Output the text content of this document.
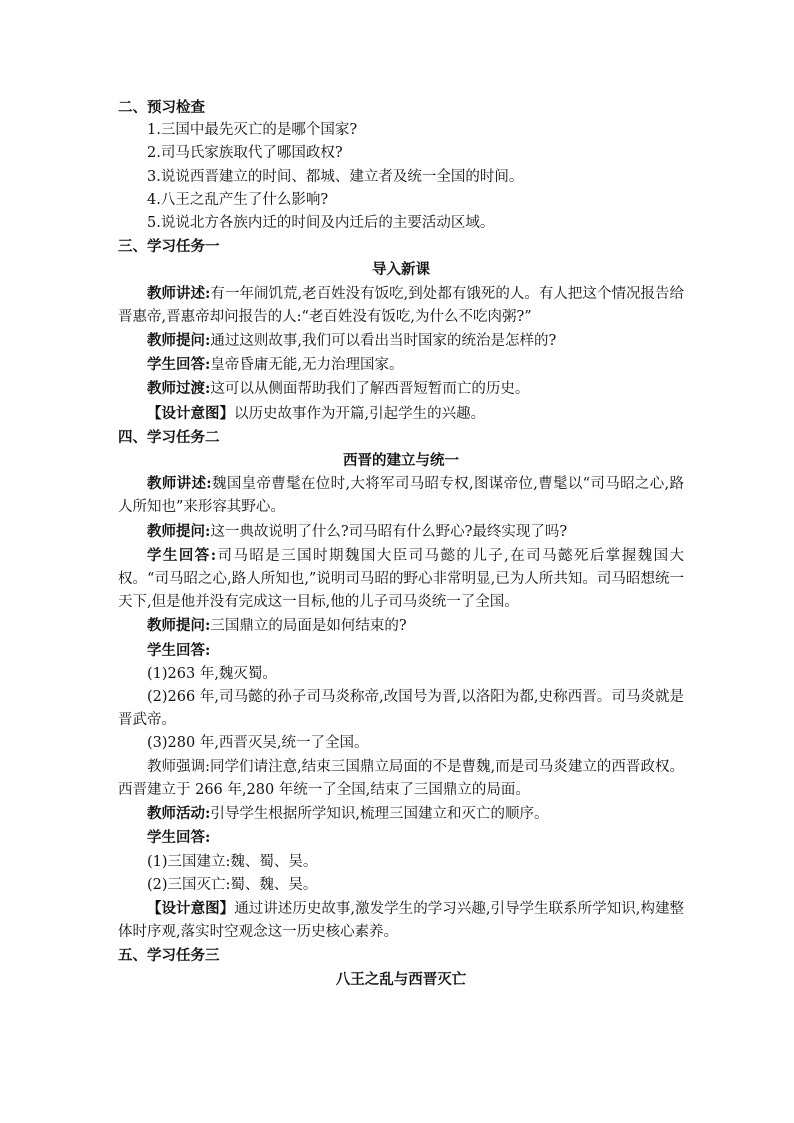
二、预习检查

1.三国中最先灭亡的是哪个国家?

2.司马氏家族取代了哪国政权?

3.说说西晋建立的时间、都城、建立者及统一全国的时间。

4.八王之乱产生了什么影响?

5.说说北方各族内迁的时间及内迁后的主要活动区域。

三、学习任务一

导入新课

教师讲述:有一年闹饥荒,老百姓没有饭吃,到处都有饿死的人。有人把这个情况报告给晋惠帝,晋惠帝却问报告的人:“老百姓没有饭吃,为什么不吃肉粥?”

教师提问:通过这则故事,我们可以看出当时国家的统治是怎样的?

学生回答:皇帝昏庸无能,无力治理国家。

教师过渡:这可以从侧面帮助我们了解西晋短暂而亡的历史。

【设计意图】以历史故事作为开篇,引起学生的兴趣。

四、学习任务二

西晋的建立与统一

教师讲述:魏国皇帝曹髦在位时,大将军司马昭专权,图谋帝位,曹髦以“司马昭之心,路人所知也”来形容其野心。

教师提问:这一典故说明了什么?司马昭有什么野心?最终实现了吗?

学生回答:司马昭是三国时期魏国大臣司马懿的儿子,在司马懿死后掌握魏国大权。“司马昭之心,路人所知也,”说明司马昭的野心非常明显,已为人所共知。司马昭想统一天下,但是他并没有完成这一目标,他的儿子司马炎统一了全国。

教师提问:三国鼎立的局面是如何结束的?

学生回答:

(1)263 年,魏灭蜀。

(2)266 年,司马懿的孙子司马炎称帝,改国号为晋,以洛阳为都,史称西晋。司马炎就是晋武帝。

(3)280 年,西晋灭吴,统一了全国。

教师强调:同学们请注意,结束三国鼎立局面的不是曹魏,而是司马炎建立的西晋政权。西晋建立于 266 年,280 年统一了全国,结束了三国鼎立的局面。

教师活动:引导学生根据所学知识,梳理三国建立和灭亡的顺序。

学生回答:

(1)三国建立:魏、蜀、吴。

(2)三国灭亡:蜀、魏、吴。

【设计意图】通过讲述历史故事,激发学生的学习兴趣,引导学生联系所学知识,构建整体时序观,落实时空观念这一历史核心素养。

五、学习任务三

八王之乱与西晋灭亡
